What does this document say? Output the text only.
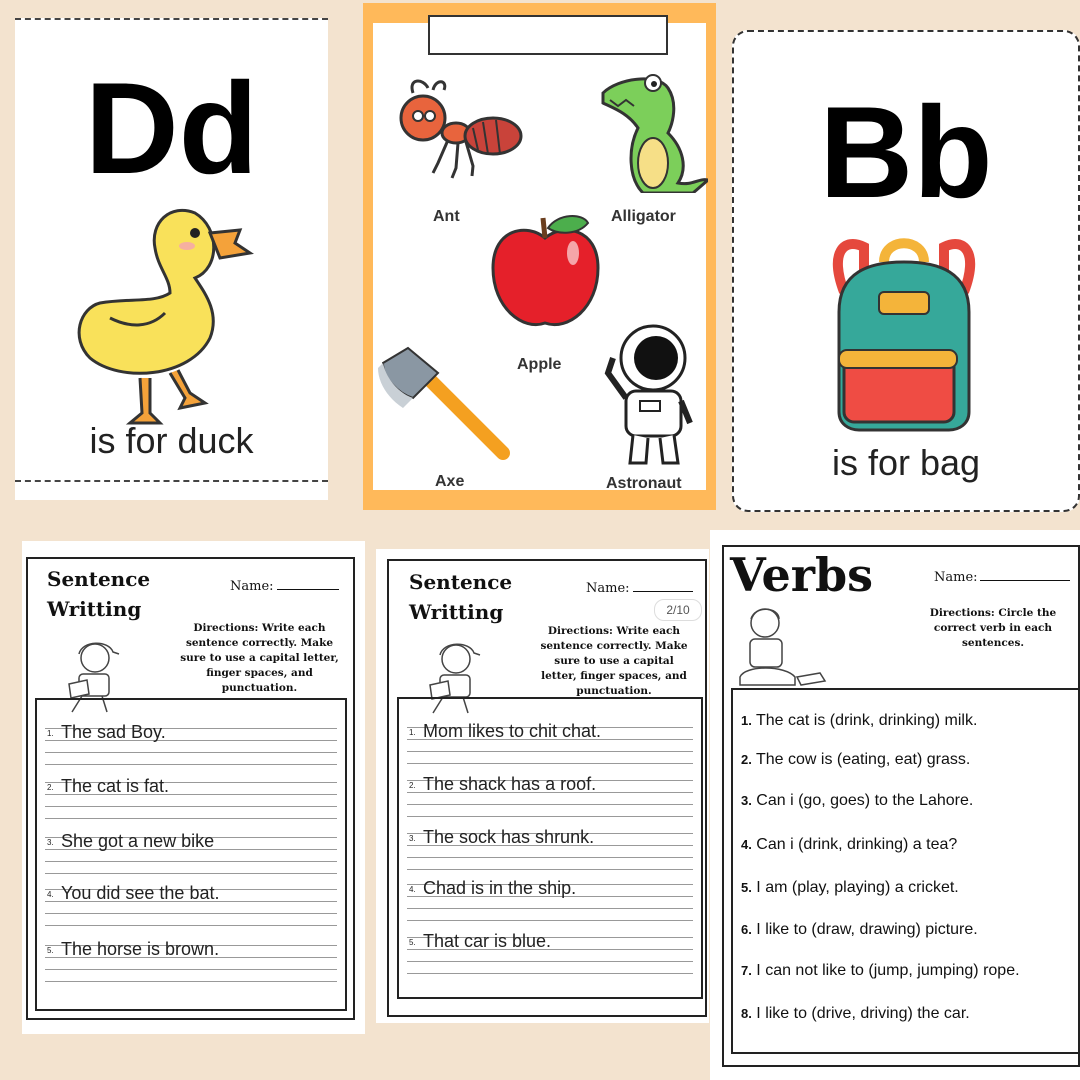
Dd
is for duck
Ant	Alligator
Apple
Axe	Astronaut
Bb
is for bag
Sentence
Writting
Name:
Directions: Write each sentence correctly. Make sure to use a capital letter, finger spaces, and punctuation.
1. The sad Boy.
2. The cat is fat.
3. She got a new bike
4. You did see the bat.
5. The horse is brown.
Sentence
Writting
Name:
2/10
Directions: Write each sentence correctly. Make sure to use a capital letter, finger spaces, and punctuation.
1. Mom likes to chit chat.
2. The shack has a roof.
3. The sock has shrunk.
4. Chad is in the ship.
5. That car is blue.
Verbs	Name:
Directions: Circle the correct verb in each sentences.
1. The cat is (drink, drinking) milk.
2. The cow is (eating, eat) grass.
3. Can i (go, goes) to the Lahore.
4. Can i (drink, drinking) a tea?
5. I am (play, playing) a cricket.
6. I like to (draw, drawing) picture.
7. I can not like to (jump, jumping) rope.
8. I like to (drive, driving) the car.
